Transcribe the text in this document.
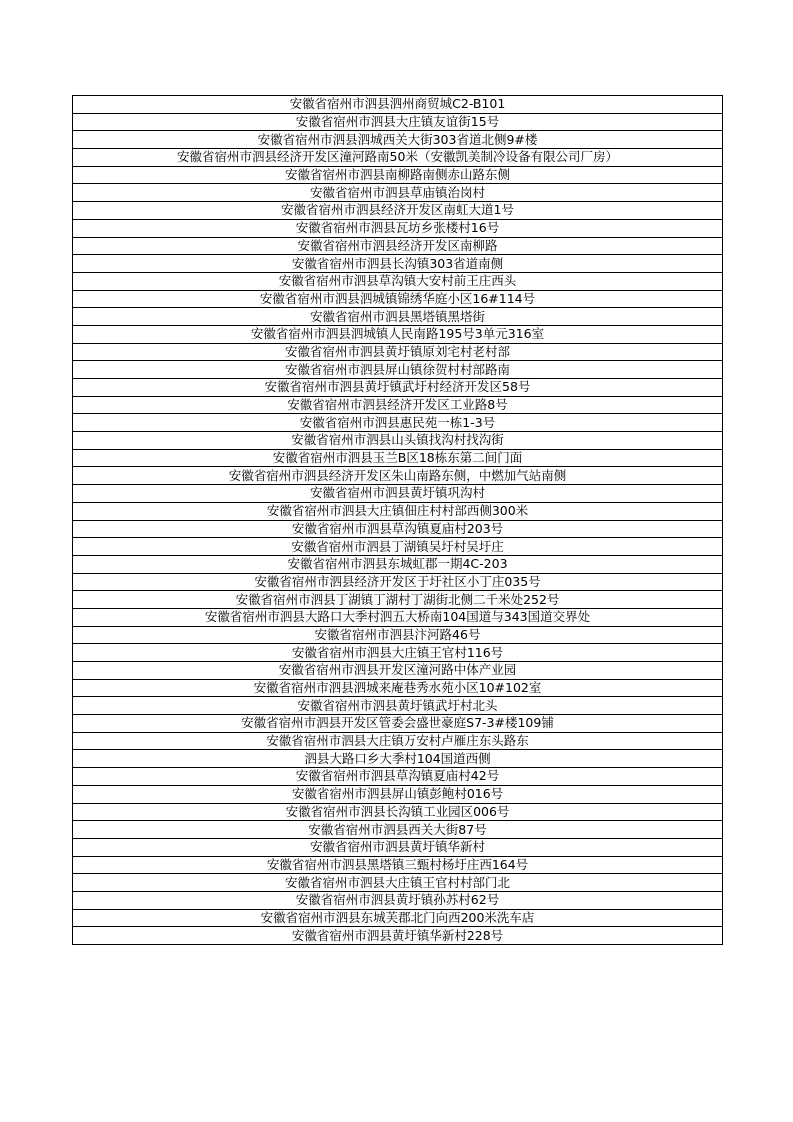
安徽省宿州市泗县泗州商贸城C2-B101
安徽省宿州市泗县大庄镇友谊街15号
安徽省宿州市泗县泗城西关大街303省道北侧9#楼
安徽省宿州市泗县经济开发区潼河路南50米（安徽凯美制冷设备有限公司厂房）
安徽省宿州市泗县南柳路南侧赤山路东侧
安徽省宿州市泗县草庙镇治岗村
安徽省宿州市泗县经济开发区南虹大道1号
安徽省宿州市泗县瓦坊乡张楼村16号
安徽省宿州市泗县经济开发区南柳路
安徽省宿州市泗县长沟镇303省道南侧
安徽省宿州市泗县草沟镇大安村前王庄西头
安徽省宿州市泗县泗城镇锦绣华庭小区16#114号
安徽省宿州市泗县黑塔镇黑塔街
安徽省宿州市泗县泗城镇人民南路195号3单元316室
安徽省宿州市泗县黄圩镇原刘宅村老村部
安徽省宿州市泗县屏山镇徐贺村村部路南
安徽省宿州市泗县黄圩镇武圩村经济开发区58号
安徽省宿州市泗县经济开发区工业路8号
安徽省宿州市泗县惠民苑一栋1-3号
安徽省宿州市泗县山头镇找沟村找沟街
安徽省宿州市泗县玉兰B区18栋东第二间门面
安徽省宿州市泗县经济开发区朱山南路东侧，中燃加气站南侧
安徽省宿州市泗县黄圩镇巩沟村
安徽省宿州市泗县大庄镇佃庄村村部西侧300米
安徽省宿州市泗县草沟镇夏庙村203号
安徽省宿州市泗县丁湖镇吴圩村吴圩庄
安徽省宿州市泗县东城虹郡一期4C-203
安徽省宿州市泗县经济开发区于圩社区小丁庄035号
安徽省宿州市泗县丁湖镇丁湖村丁湖街北侧二千米处252号
安徽省宿州市泗县大路口大季村泗五大桥南104国道与343国道交界处
安徽省宿州市泗县汴河路46号
安徽省宿州市泗县大庄镇王官村116号
安徽省宿州市泗县开发区潼河路中体产业园
安徽省宿州市泗县泗城来庵巷秀水苑小区10#102室
安徽省宿州市泗县黄圩镇武圩村北头
安徽省宿州市泗县开发区管委会盛世豪庭S7-3#楼109铺
安徽省宿州市泗县大庄镇万安村卢雁庄东头路东
泗县大路口乡大季村104国道西侧
安徽省宿州市泗县草沟镇夏庙村42号
安徽省宿州市泗县屏山镇彭鲍村016号
安徽省宿州市泗县长沟镇工业园区006号
安徽省宿州市泗县西关大街87号
安徽省宿州市泗县黄圩镇华新村
安徽省宿州市泗县黑塔镇三甄村杨圩庄西164号
安徽省宿州市泗县大庄镇王官村村部门北
安徽省宿州市泗县黄圩镇孙苏村62号
安徽省宿州市泗县东城芙郡北门向西200米洗车店
安徽省宿州市泗县黄圩镇华新村228号
